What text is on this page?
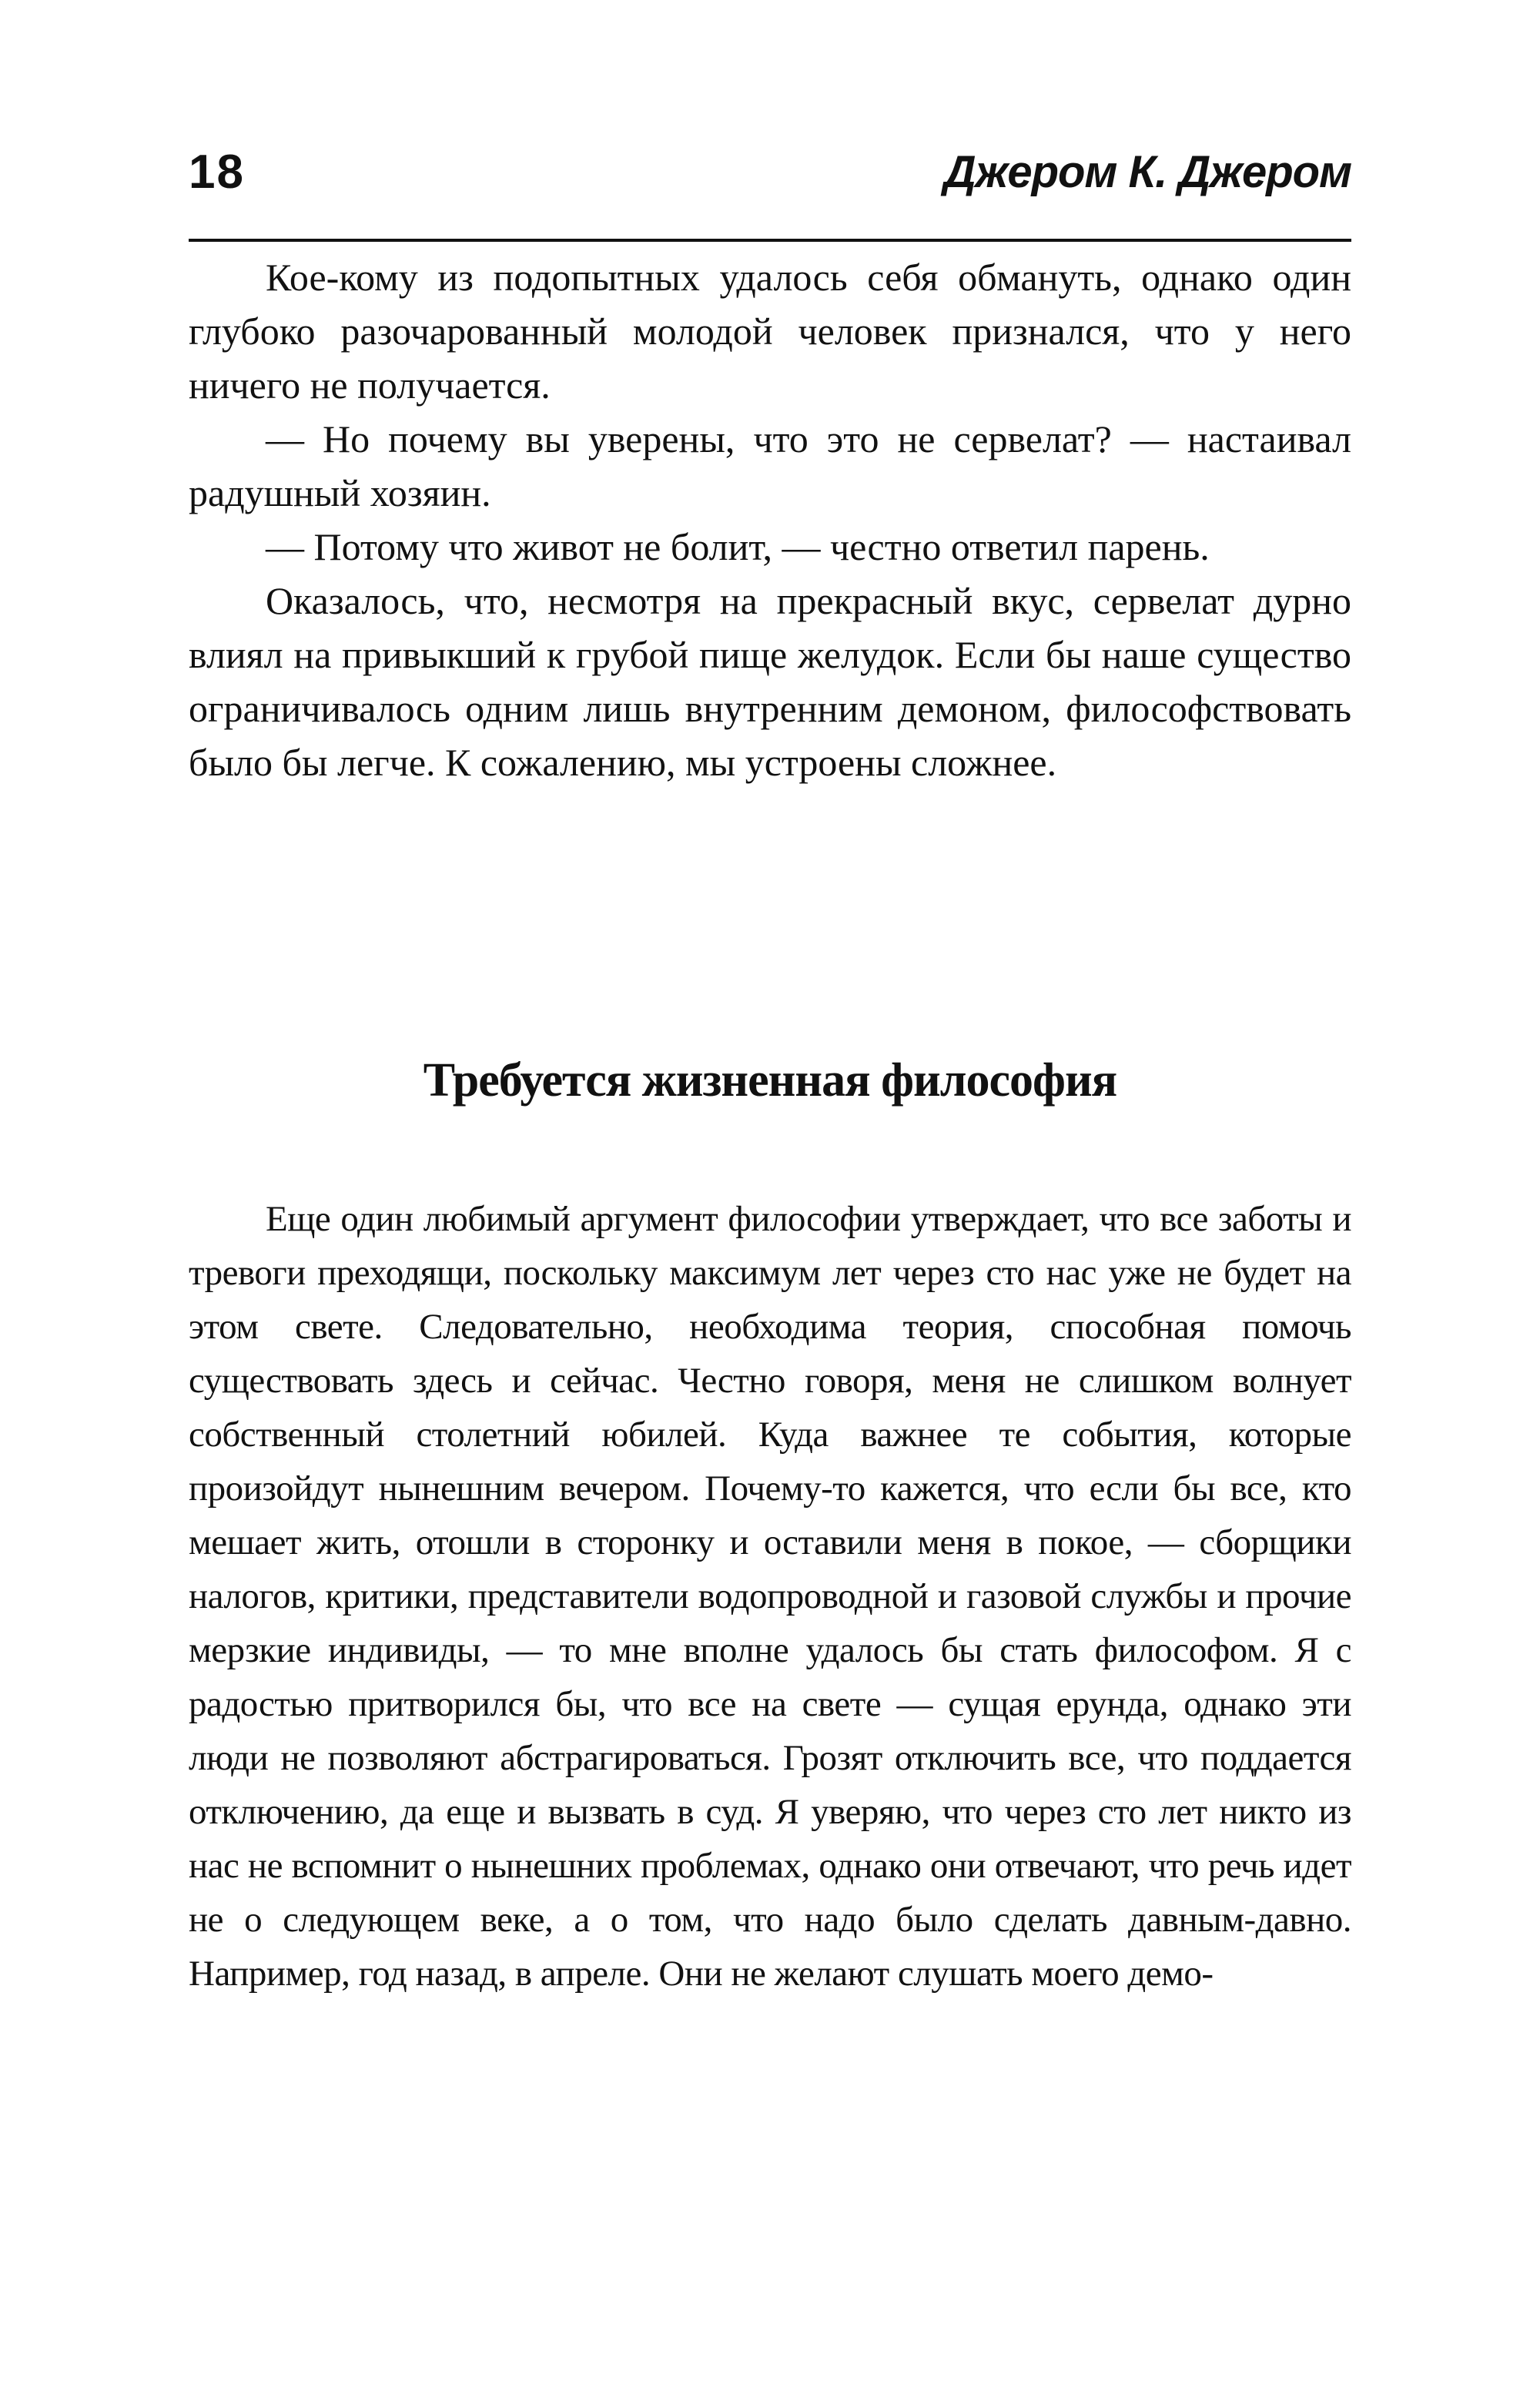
18	Джером К. Джером

Кое-кому из подопытных удалось себя обмануть, однако один глубоко разочарованный молодой человек признался, что у него ничего не получается.

— Но почему вы уверены, что это не сервелат? — настаивал радушный хозяин.

— Потому что живот не болит, — честно ответил парень.

Оказалось, что, несмотря на прекрасный вкус, сервелат дурно влиял на привыкший к грубой пище желудок. Если бы наше существо ограничивалось одним лишь внутренним демоном, философствовать было бы легче. К сожалению, мы устроены сложнее.

Требуется жизненная философия

Еще один любимый аргумент философии утверждает, что все заботы и тревоги преходящи, поскольку максимум лет через сто нас уже не будет на этом свете. Следовательно, необходима теория, способная помочь существовать здесь и сейчас. Честно говоря, меня не слишком волнует собственный столетний юбилей. Куда важнее те события, которые произойдут нынешним вечером. Почему-то кажется, что если бы все, кто мешает жить, отошли в сторонку и оставили меня в покое, — сборщики налогов, критики, представители водопроводной и газовой службы и прочие мерзкие индивиды, — то мне вполне удалось бы стать философом. Я с радостью притворился бы, что все на свете — сущая ерунда, однако эти люди не позволяют абстрагироваться. Грозят отключить все, что поддается отключению, да еще и вызвать в суд. Я уверяю, что через сто лет никто из нас не вспомнит о нынешних проблемах, однако они отвечают, что речь идет не о следующем веке, а о том, что надо было сделать давным-давно. Например, год назад, в апреле. Они не желают слушать моего демо-
